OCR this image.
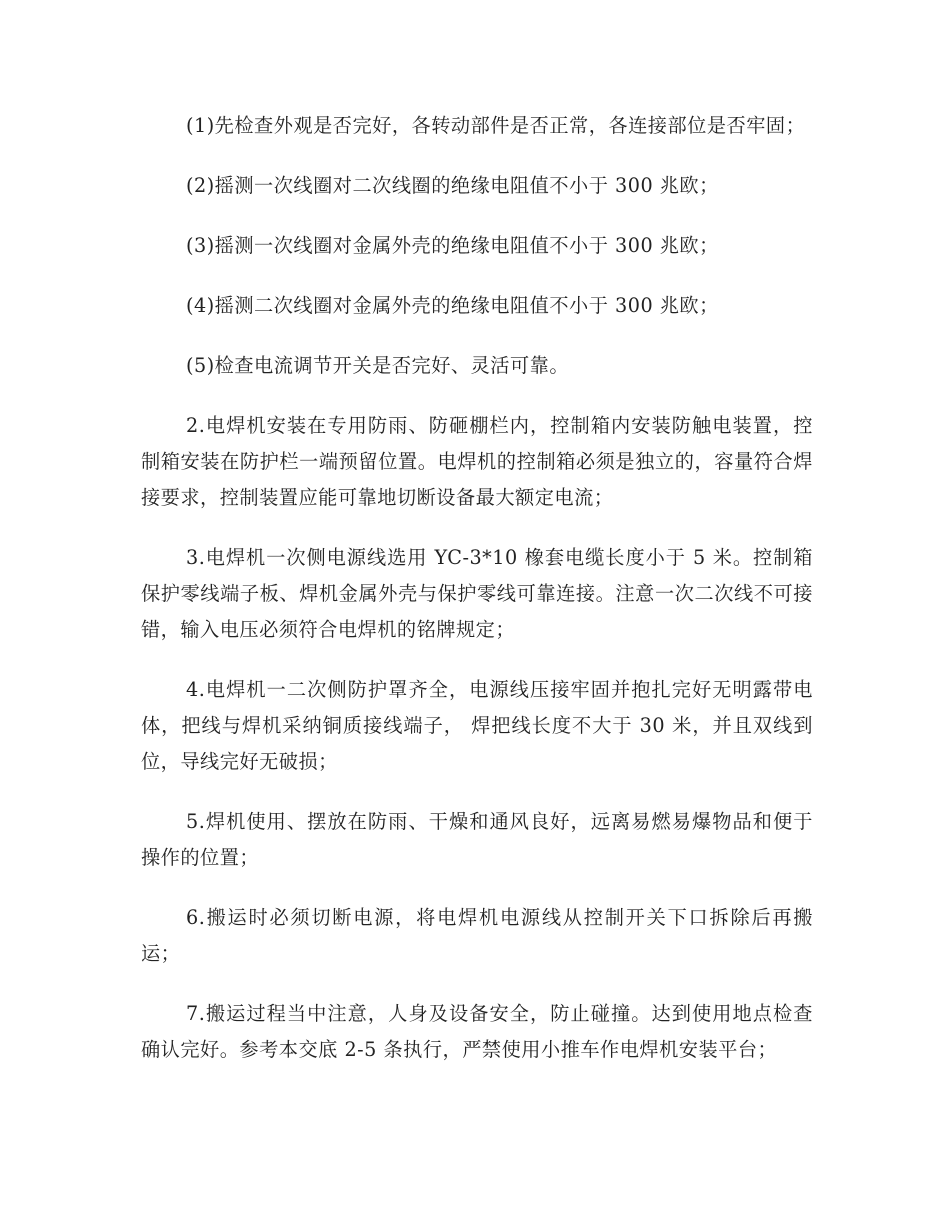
(1)先检查外观是否完好，各转动部件是否正常，各连接部位是否牢固；

(2)摇测一次线圈对二次线圈的绝缘电阻值不小于 300 兆欧；

(3)摇测一次线圈对金属外壳的绝缘电阻值不小于 300 兆欧；

(4)摇测二次线圈对金属外壳的绝缘电阻值不小于 300 兆欧；

(5)检查电流调节开关是否完好、灵活可靠。

2.电焊机安装在专用防雨、防砸棚栏内，控制箱内安装防触电装置，控制箱安装在防护栏一端预留位置。电焊机的控制箱必须是独立的，容量符合焊接要求，控制装置应能可靠地切断设备最大额定电流；

3.电焊机一次侧电源线选用 YC-3*10 橡套电缆长度小于 5 米。控制箱保护零线端子板、焊机金属外壳与保护零线可靠连接。注意一次二次线不可接错，输入电压必须符合电焊机的铭牌规定；

4.电焊机一二次侧防护罩齐全，电源线压接牢固并抱扎完好无明露带电体，把线与焊机采纳铜质接线端子， 焊把线长度不大于 30 米，并且双线到位，导线完好无破损；

5.焊机使用、摆放在防雨、干燥和通风良好，远离易燃易爆物品和便于操作的位置；

6.搬运时必须切断电源，将电焊机电源线从控制开关下口拆除后再搬运；

7.搬运过程当中注意，人身及设备安全，防止碰撞。达到使用地点检查确认完好。参考本交底 2-5 条执行，严禁使用小推车作电焊机安装平台；
